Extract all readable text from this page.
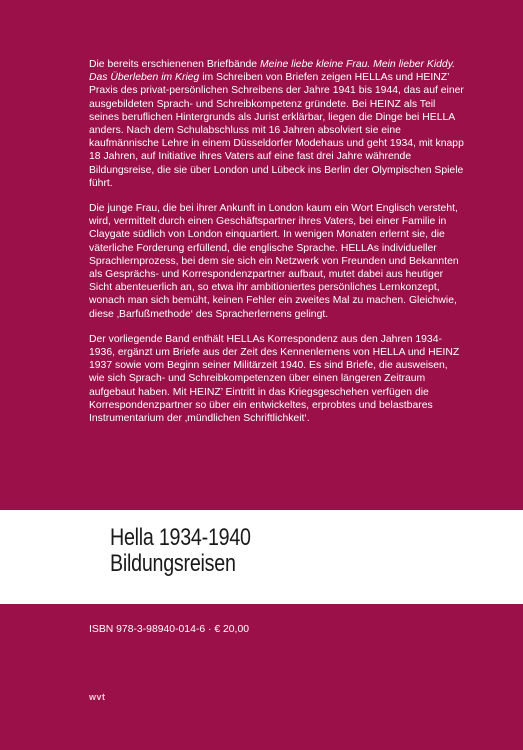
Die bereits erschienenen Briefbände Meine liebe kleine Frau. Mein lieber Kiddy. Das Überleben im Krieg im Schreiben von Briefen zeigen HELLAs und HEINZ’ Praxis des privat-persönlichen Schreibens der Jahre 1941 bis 1944, das auf einer ausgebildeten Sprach- und Schreibkompetenz gründete. Bei HEINZ als Teil seines beruflichen Hintergrunds als Jurist erklärbar, liegen die Dinge bei HELLA anders. Nach dem Schulabschluss mit 16 Jahren absolviert sie eine kaufmännische Lehre in einem Düsseldorfer Modehaus und geht 1934, mit knapp 18 Jahren, auf Initiative ihres Vaters auf eine fast drei Jahre währende Bildungsreise, die sie über London und Lübeck ins Berlin der Olympischen Spiele führt.

Die junge Frau, die bei ihrer Ankunft in London kaum ein Wort Englisch versteht, wird, vermittelt durch einen Geschäftspartner ihres Vaters, bei einer Familie in Claygate südlich von London einquartiert. In wenigen Monaten erlernt sie, die väterliche Forderung erfüllend, die englische Sprache. HELLAs individueller Sprachlernprozess, bei dem sie sich ein Netzwerk von Freunden und Bekannten als Gesprächs- und Korrespondenzpartner aufbaut, mutet dabei aus heutiger Sicht abenteuerlich an, so etwa ihr ambitioniertes persönliches Lernkonzept, wonach man sich bemüht, keinen Fehler ein zweites Mal zu machen. Gleichwie, diese ‚Barfußmethode‘ des Spracherlernens gelingt.

Der vorliegende Band enthält HELLAs Korrespondenz aus den Jahren 1934-1936, ergänzt um Briefe aus der Zeit des Kennenlernens von HELLA und HEINZ 1937 sowie vom Beginn seiner Militärzeit 1940. Es sind Briefe, die ausweisen, wie sich Sprach- und Schreibkompetenzen über einen längeren Zeitraum aufgebaut haben. Mit HEINZ’ Eintritt in das Kriegsgeschehen verfügen die Korrespondenzpartner so über ein entwickeltes, erprobtes und belastbares Instrumentarium der ‚mündlichen Schriftlichkeit‘.

Hella 1934-1940
Bildungsreisen
ISBN 978-3-98940-014-6 · € 20,00
wvt
